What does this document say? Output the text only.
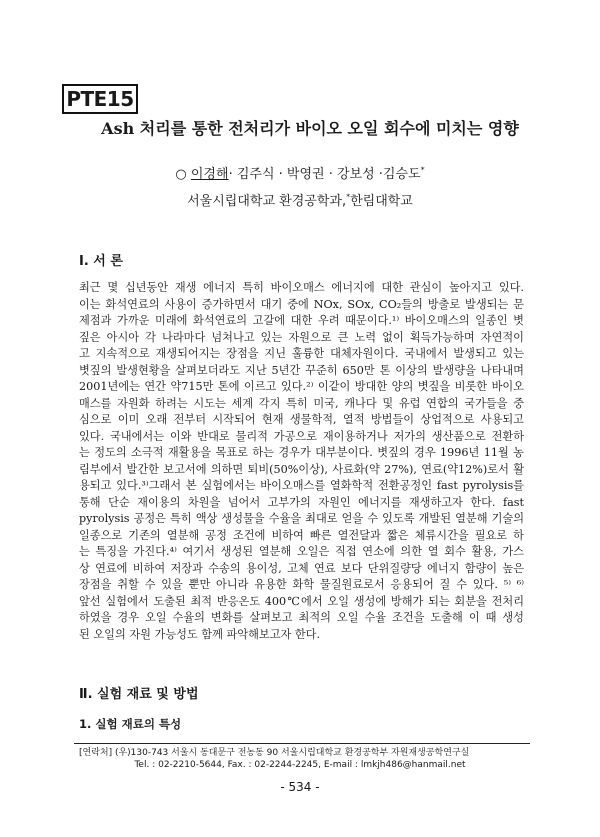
PTE15
Ash 처리를 통한 전처리가 바이오 오일 회수에 미치는 영향
○ 이경해· 김주식 · 박영권 · 강보성 ·김승도*
서울시립대학교 환경공학과,*한림대학교
Ⅰ. 서 론
최근 몇 십년동안 재생 에너지 특히 바이오매스 에너지에 대한 관심이 높아지고 있다.
이는 화석연료의 사용이 증가하면서 대기 중에 NOx, SOx, CO₂들의 방출로 발생되는 문
제점과 가까운 미래에 화석연료의 고갈에 대한 우려 때문이다.¹⁾ 바이오매스의 일종인 볏
짚은 아시아 각 나라마다 넘쳐나고 있는 자원으로 큰 노력 없이 획득가능하며 자연적이
고 지속적으로 재생되어지는 장점을 지닌 훌륭한 대체자원이다. 국내에서 발생되고 있는
볏짚의 발생현황을 살펴보더라도 지난 5년간 꾸준히 650만 톤 이상의 발생량을 나타내며
2001년에는 연간 약715만 톤에 이르고 있다.²⁾ 이같이 방대한 양의 볏짚을 비롯한 바이오
매스를 자원화 하려는 시도는 세계 각지 특히 미국, 캐나다 및 유럽 연합의 국가들을 중
심으로 이미 오래 전부터 시작되어 현재 생물학적, 열적 방법들이 상업적으로 사용되고
있다. 국내에서는 이와 반대로 물리적 가공으로 재이용하거나 저가의 생산품으로 전환하
는 정도의 소극적 재활용을 목표로 하는 경우가 대부분이다. 볏짚의 경우 1996년 11월 농
림부에서 발간한 보고서에 의하면 퇴비(50%이상), 사료화(약 27%), 연료(약12%)로서 활
용되고 있다.³⁾그래서 본 실험에서는 바이오매스를 열화학적 전환공정인 fast pyrolysis를
통해 단순 재이용의 차원을 넘어서 고부가의 자원인 에너지를 재생하고자 한다. fast
pyrolysis 공정은 특히 액상 생성물을 수율을 최대로 얻을 수 있도록 개발된 열분해 기술의
일종으로 기존의 열분해 공정 조건에 비하여 빠른 열전달과 짧은 체류시간을 필요로 하
는 특징을 가진다.⁴⁾ 여기서 생성된 열분해 오일은 직접 연소에 의한 열 회수 활용, 가스
상 연료에 비하여 저장과 수송의 용이성, 고체 연료 보다 단위질량당 에너지 함량이 높은
장점을 취할 수 있을 뿐만 아니라 유용한 화학 물질원료로서 응용되어 질 수 있다. ⁵⁾ ⁶⁾
앞선 실험에서 도출된 최적 반응온도 400℃에서 오일 생성에 방해가 되는 회분을 전처리
하였을 경우 오일 수율의 변화를 살펴보고 최적의 오일 수율 조건을 도출해 이 때 생성
된 오일의 자원 가능성도 함께 파악해보고자 한다.
Ⅱ. 실험 재료 및 방법
1. 실험 재료의 특성
[연락처] (우)130-743 서울시 동대문구 전농동 90 서울시립대학교 환경공학부 자원재생공학연구실
Tel. : 02-2210-5644, Fax. : 02-2244-2245, E-mail : lmkjh486@hanmail.net
- 534 -
